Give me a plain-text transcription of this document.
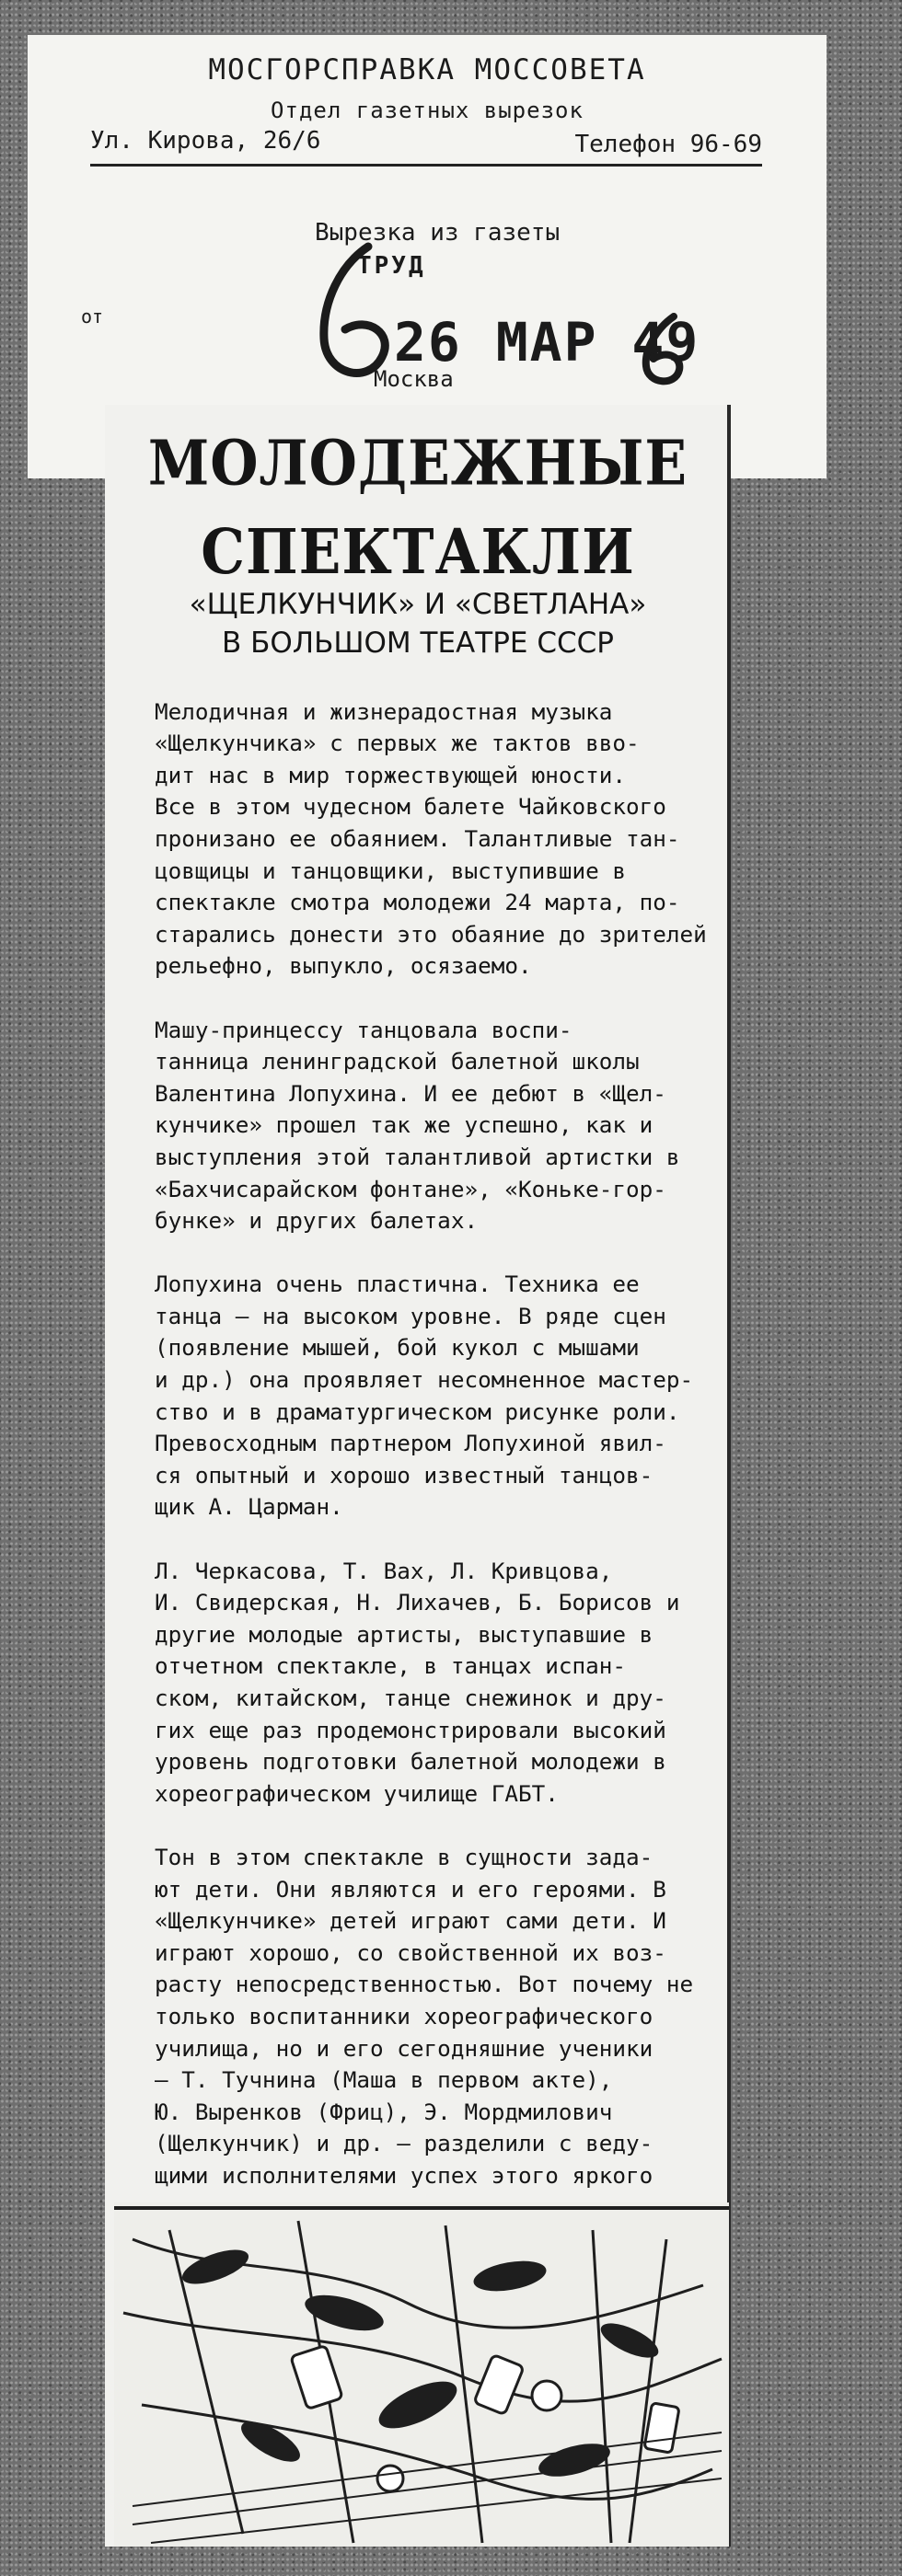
МОСГОРСПРАВКА МОССОВЕТА
Отдел газетных вырезок
Ул. Кирова, 26/6	Телефон 96-69
Вырезка из газеты
ТРУД
от	26 МАР 49
Москва
МОЛОДЕЖНЫЕ СПЕКТАКЛИ
«ЩЕЛКУНЧИК» И «СВЕТЛАНА»
В БОЛЬШОМ ТЕАТРЕ СССР

Мелодичная и жизнерадостная музыка
«Щелкунчика» с первых же тактов вво-
дит нас в мир торжествующей юности.
Все в этом чудесном балете Чайковского
пронизано ее обаянием. Талантливые тан-
цовщицы и танцовщики, выступившие в
спектакле смотра молодежи 24 марта, по-
старались донести это обаяние до зрителей
рельефно, выпукло, осязаемо.

Машу-принцессу танцовала воспи-
танница ленинградской балетной школы
Валентина Лопухина. И ее дебют в «Щел-
кунчике» прошел так же успешно, как и
выступления этой талантливой артистки в
«Бахчисарайском фонтане», «Коньке-гор-
бунке» и других балетах.

Лопухина очень пластична. Техника ее
танца — на высоком уровне. В ряде сцен
(появление мышей, бой кукол с мышами
и др.) она проявляет несомненное мастер-
ство и в драматургическом рисунке роли.
Превосходным партнером Лопухиной явил-
ся опытный и хорошо известный танцов-
щик А. Царман.

Л. Черкасова, Т. Вах, Л. Кривцова,
И. Свидерская, Н. Лихачев, Б. Борисов и
другие молодые артисты, выступавшие в
отчетном спектакле, в танцах испан-
ском, китайском, танце снежинок и дру-
гих еще раз продемонстрировали высокий
уровень подготовки балетной молодежи в
хореографическом училище ГАБТ.

Тон в этом спектакле в сущности зада-
ют дети. Они являются и его героями. В
«Щелкунчике» детей играют сами дети. И
играют хорошо, со свойственной их воз-
расту непосредственностью. Вот почему не
только воспитанники хореографического
училища, но и его сегодняшние ученики
— Т. Тучнина (Маша в первом акте),
Ю. Выренков (Фриц), Э. Мордмилович
(Щелкунчик) и др. — разделили с веду-
щими исполнителями успех этого яркого
